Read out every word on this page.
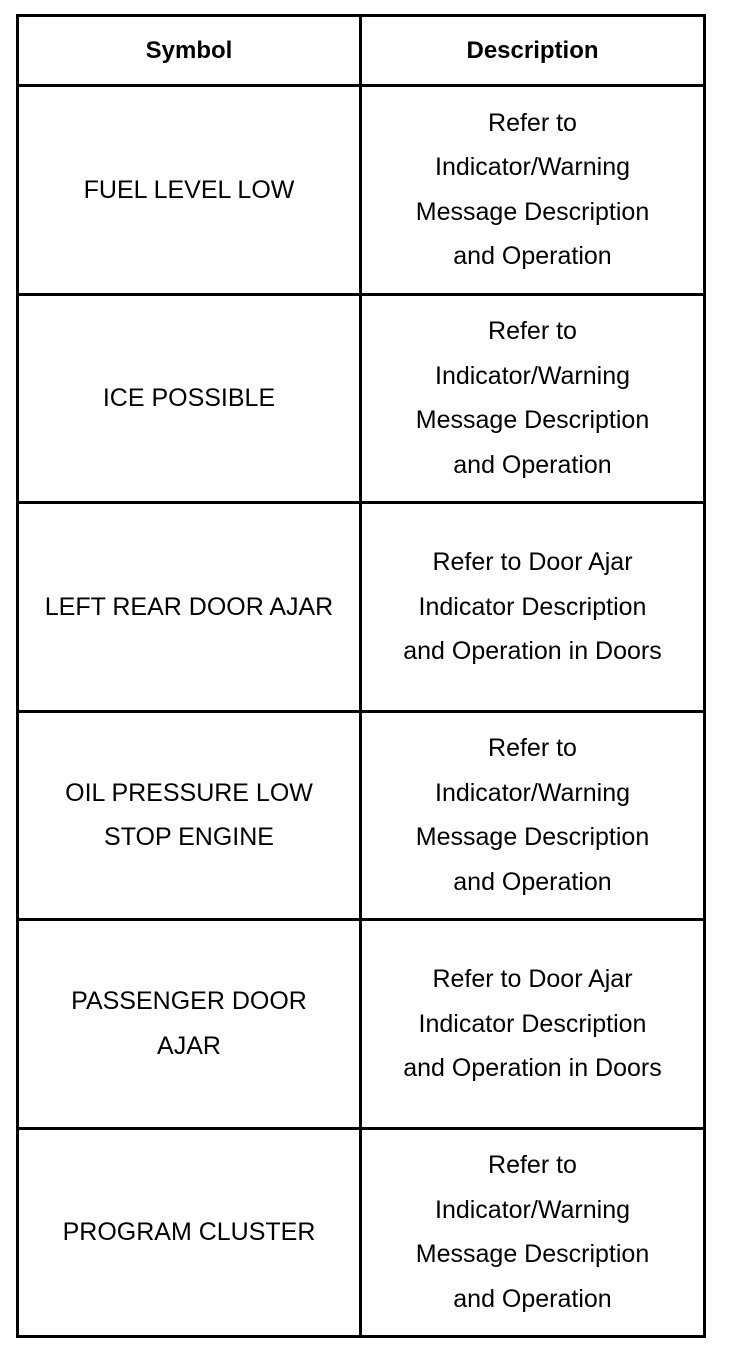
Symbol	Description
FUEL LEVEL LOW	Refer to Indicator/Warning Message Description and Operation
ICE POSSIBLE	Refer to Indicator/Warning Message Description and Operation
LEFT REAR DOOR AJAR	Refer to Door Ajar Indicator Description and Operation in Doors
OIL PRESSURE LOW STOP ENGINE	Refer to Indicator/Warning Message Description and Operation
PASSENGER DOOR AJAR	Refer to Door Ajar Indicator Description and Operation in Doors
PROGRAM CLUSTER	Refer to Indicator/Warning Message Description and Operation
